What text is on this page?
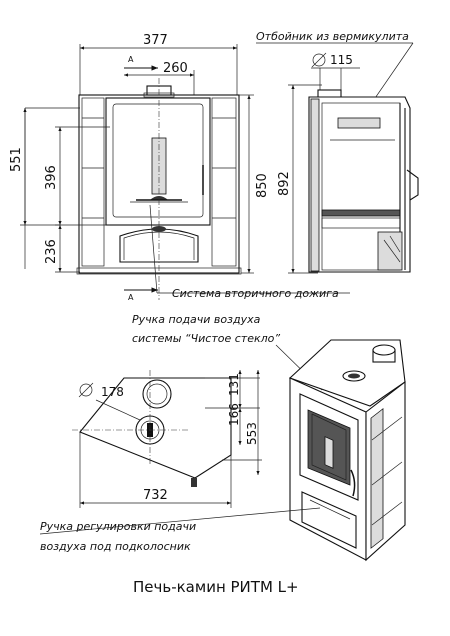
377
260
А
А
551
396
236
850
Система вторичного дожига
Отбойник из вермикулита
115
892
178	131
166
553
732
Ручка подачи воздуха
системы “Чистое стекло”
Ручка регулировки подачи
воздуха под подколосник
Печь-камин РИТМ L+
